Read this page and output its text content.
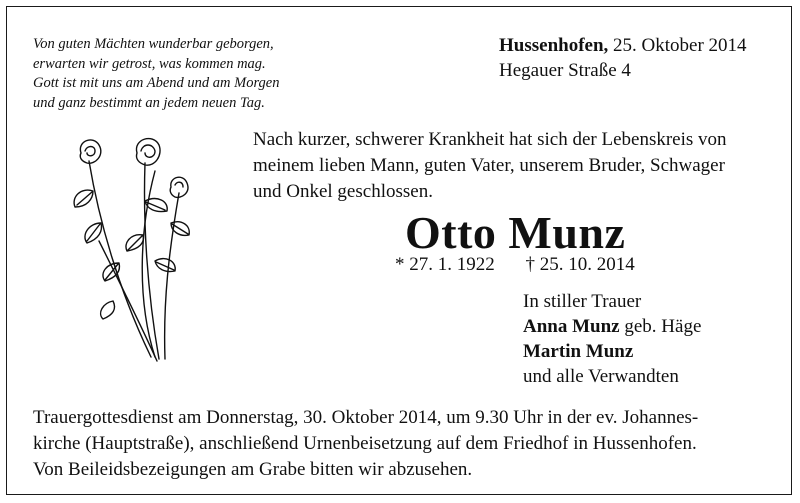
Von guten Mächten wunderbar geborgen,
erwarten wir getrost, was kommen mag.
Gott ist mit uns am Abend und am Morgen
und ganz bestimmt an jedem neuen Tag.
Hussenhofen, 25. Oktober 2014
Hegauer Straße 4
Nach kurzer, schwerer Krankheit hat sich der Lebenskreis von
meinem lieben Mann, guten Vater, unserem Bruder, Schwager
und Onkel geschlossen.
Otto Munz
* 27. 1. 1922 † 25. 10. 2014
In stiller Trauer
Anna Munz geb. Häge
Martin Munz
und alle Verwandten
Trauergottesdienst am Donnerstag, 30. Oktober 2014, um 9.30 Uhr in der ev. Johannes-
kirche (Hauptstraße), anschließend Urnenbeisetzung auf dem Friedhof in Hussenhofen.
Von Beileidsbezeigungen am Grabe bitten wir abzusehen.
